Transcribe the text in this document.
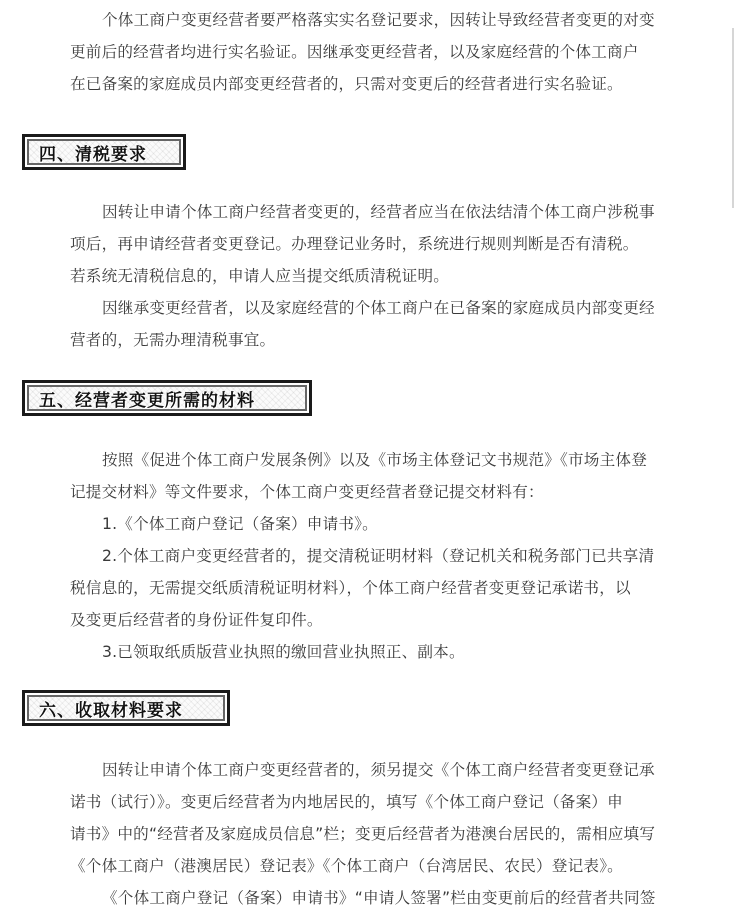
个体工商户变更经营者要严格落实实名登记要求，因转让导致经营者变更的对变
更前后的经营者均进行实名验证。因继承变更经营者，以及家庭经营的个体工商户
在已备案的家庭成员内部变更经营者的，只需对变更后的经营者进行实名验证。
四、清税要求
因转让申请个体工商户经营者变更的，经营者应当在依法结清个体工商户涉税事
项后，再申请经营者变更登记。办理登记业务时，系统进行规则判断是否有清税。
若系统无清税信息的，申请人应当提交纸质清税证明。
因继承变更经营者，以及家庭经营的个体工商户在已备案的家庭成员内部变更经
营者的，无需办理清税事宜。
五、经营者变更所需的材料
按照《促进个体工商户发展条例》以及《市场主体登记文书规范》《市场主体登
记提交材料》等文件要求，个体工商户变更经营者登记提交材料有：
1.《个体工商户登记（备案）申请书》。
2.个体工商户变更经营者的，提交清税证明材料（登记机关和税务部门已共享清
税信息的，无需提交纸质清税证明材料），个体工商户经营者变更登记承诺书，以
及变更后经营者的身份证件复印件。
3.已领取纸质版营业执照的缴回营业执照正、副本。
六、收取材料要求
因转让申请个体工商户变更经营者的，须另提交《个体工商户经营者变更登记承
诺书（试行）》。变更后经营者为内地居民的，填写《个体工商户登记（备案）申
请书》中的“经营者及家庭成员信息”栏；变更后经营者为港澳台居民的，需相应填写
《个体工商户（港澳居民）登记表》《个体工商户（台湾居民、农民）登记表》。
《个体工商户登记（备案）申请书》“申请人签署”栏由变更前后的经营者共同签
